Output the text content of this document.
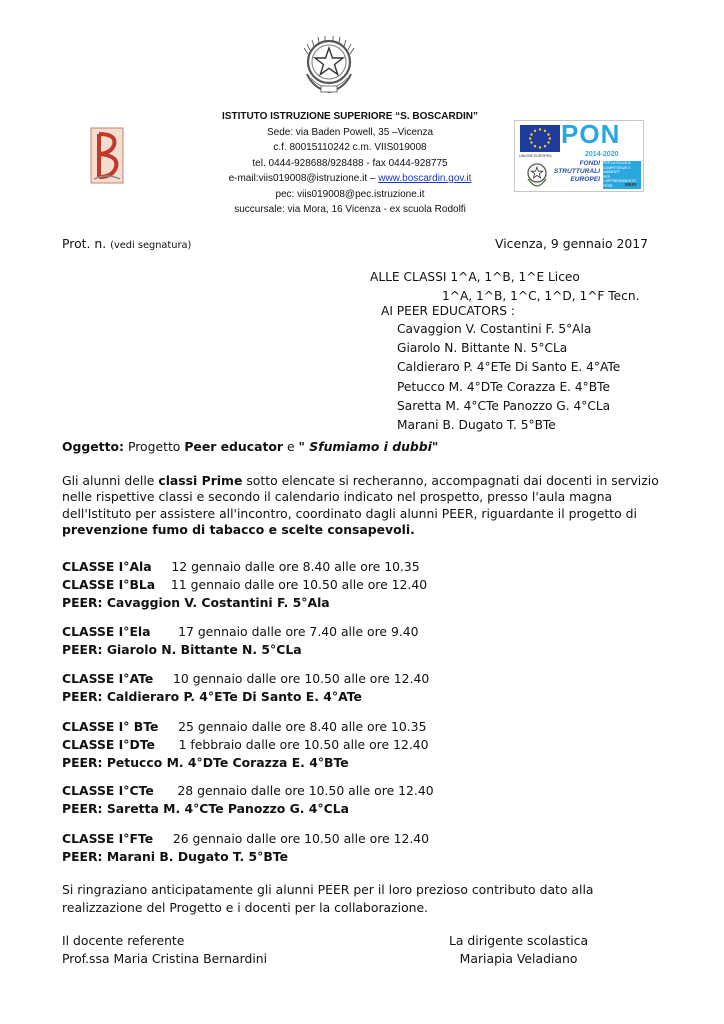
ISTITUTO ISTRUZIONE SUPERIORE “S. BOSCARDIN”
Sede: via Baden Powell, 35 –Vicenza
c.f. 80015110242 c.m. VIIS019008
tel. 0444-928688/928488 - fax 0444-928775
e-mail:viis019008@istruzione.it – www.boscardin.gov.it
pec: viis019008@pec.istruzione.it
succursale: via Mora, 16 Vicenza - ex scuola Rodolfi
UNIONE EUROPEA
PON
2014-2020
FONDI
STRUTTURALI
EUROPEI
PER LA SCUOLA
COMPETENZE E AMBIENTI
PER L'APPRENDIMENTO
FESR	MIUR
Prot. n. (vedi segnatura)	Vicenza, 9 gennaio 2017
ALLE CLASSI 1^A, 1^B, 1^E Liceo
1^A, 1^B, 1^C, 1^D, 1^F Tecn.
AI PEER EDUCATORS :
Cavaggion V. Costantini F. 5°Ala
Giarolo N. Bittante N. 5°CLa
Caldieraro P. 4°ETe Di Santo E. 4°ATe
Petucco M. 4°DTe Corazza E. 4°BTe
Saretta M. 4°CTe Panozzo G. 4°CLa
Marani B. Dugato T. 5°BTe
Oggetto: Progetto Peer educator e " Sfumiamo i dubbi"
Gli alunni delle classi Prime sotto elencate si recheranno, accompagnati dai docenti in servizio nelle rispettive classi e secondo il calendario indicato nel prospetto, presso l'aula magna dell'Istituto per assistere all'incontro, coordinato dagli alunni PEER, riguardante il progetto di prevenzione fumo di tabacco e scelte consapevoli.
CLASSE I°Ala 12 gennaio dalle ore 8.40 alle ore 10.35
CLASSE I°BLa 11 gennaio dalle ore 10.50 alle ore 12.40
PEER: Cavaggion V. Costantini F. 5°Ala
CLASSE I°Ela 17 gennaio dalle ore 7.40 alle ore 9.40
PEER: Giarolo N. Bittante N. 5°CLa
CLASSE I°ATe 10 gennaio dalle ore 10.50 alle ore 12.40
PEER: Caldieraro P. 4°ETe Di Santo E. 4°ATe
CLASSE I° BTe 25 gennaio dalle ore 8.40 alle ore 10.35
CLASSE I°DTe 1 febbraio dalle ore 10.50 alle ore 12.40
PEER: Petucco M. 4°DTe Corazza E. 4°BTe
CLASSE I°CTe 28 gennaio dalle ore 10.50 alle ore 12.40
PEER: Saretta M. 4°CTe Panozzo G. 4°CLa
CLASSE I°FTe 26 gennaio dalle ore 10.50 alle ore 12.40
PEER: Marani B. Dugato T. 5°BTe
Si ringraziano anticipatamente gli alunni PEER per il loro prezioso contributo dato alla realizzazione del Progetto e i docenti per la collaborazione.
Il docente referente
Prof.ssa Maria Cristina Bernardini
La dirigente scolastica
Mariapia Veladiano
